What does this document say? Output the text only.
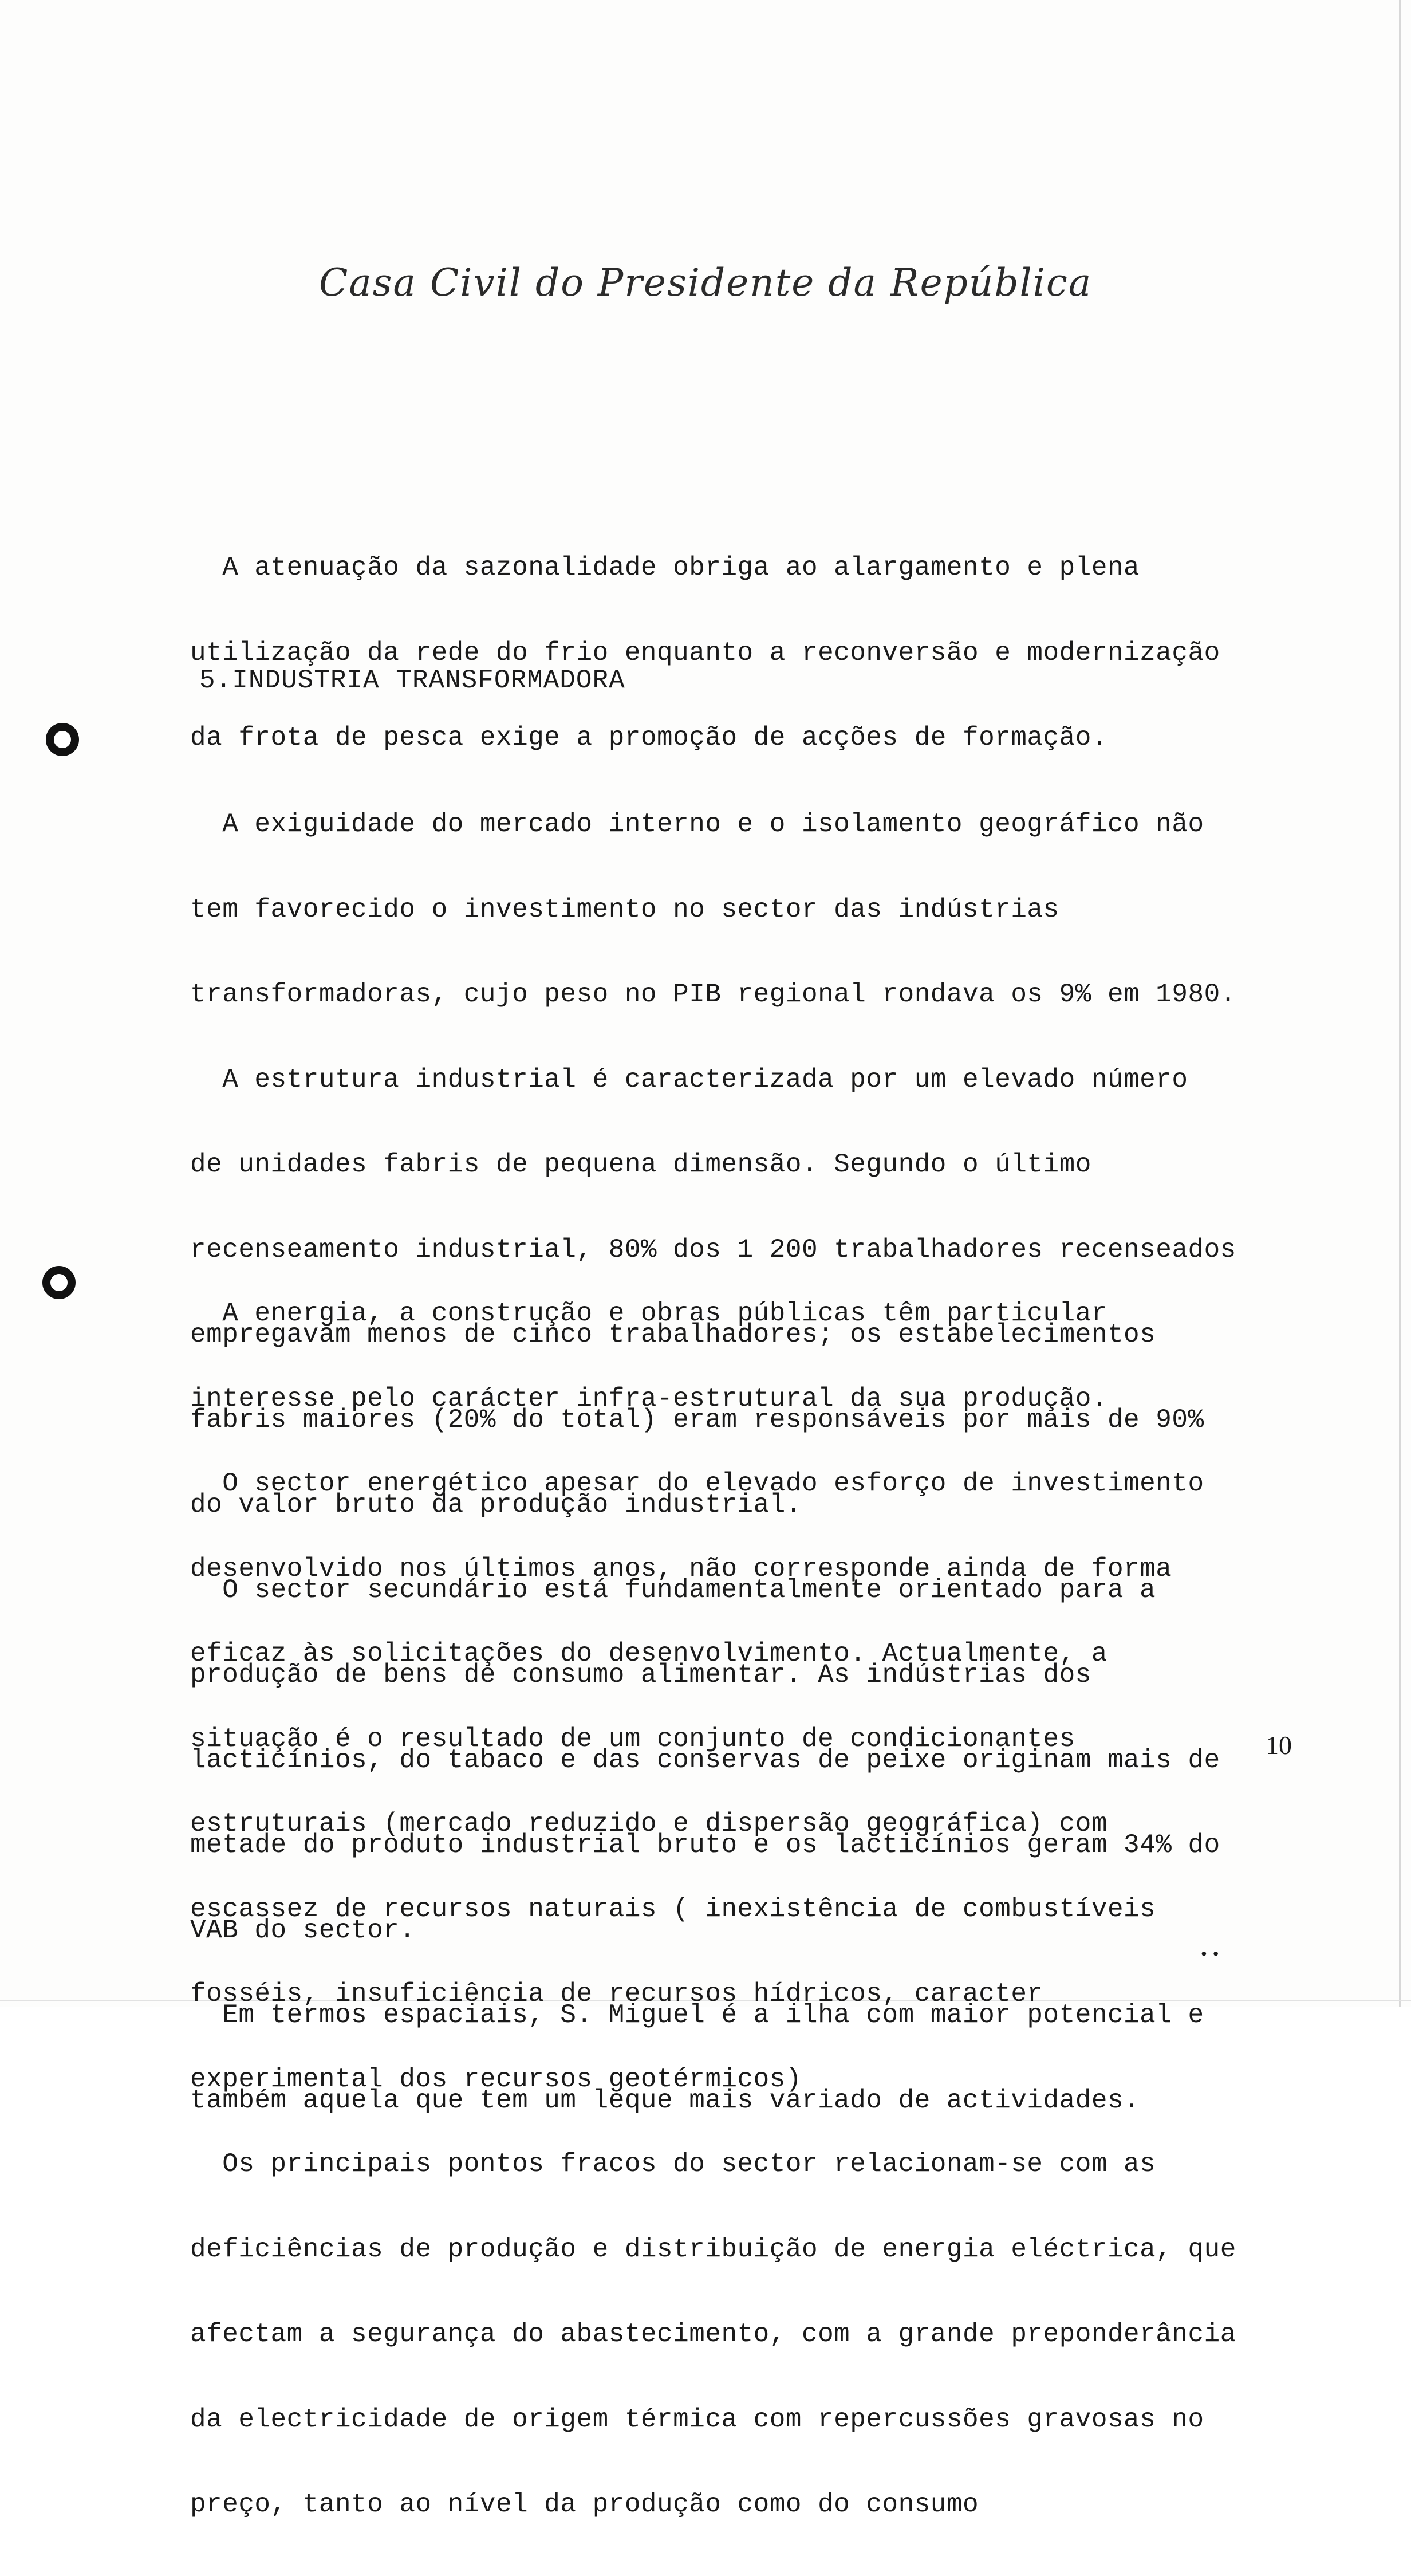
Casa Civil do Presidente da República

A atenuação da sazonalidade obriga ao alargamento e plena

utilização da rede do frio enquanto a reconversão e modernização

da frota de pesca exige a promoção de acções de formação.

5.INDUSTRIA TRANSFORMADORA

A exiguidade do mercado interno e o isolamento geográfico não

tem favorecido o investimento no sector das indústrias

transformadoras, cujo peso no PIB regional rondava os 9% em 1980.

A estrutura industrial é caracterizada por um elevado número

de unidades fabris de pequena dimensão. Segundo o último

recenseamento industrial, 80% dos 1 200 trabalhadores recenseados

empregavam menos de cinco trabalhadores; os estabelecimentos

fabris maiores (20% do total) eram responsáveis por mais de 90%

do valor bruto da produção industrial.

O sector secundário está fundamentalmente orientado para a

produção de bens de consumo alimentar. As indústrias dos

lacticínios, do tabaco e das conservas de peixe originam mais de

metade do produto industrial bruto e os lacticínios geram 34% do

VAB do sector.

Em termos espaciais, S. Miguel é a ilha com maior potencial e

também aquela que tem um leque mais variado de actividades.

A energia, a construção e obras públicas têm particular

interesse pelo carácter infra-estrutural da sua produção.

O sector energético apesar do elevado esforço de investimento

desenvolvido nos últimos anos, não corresponde ainda de forma

eficaz às solicitações do desenvolvimento. Actualmente, a

situação é o resultado de um conjunto de condicionantes

estruturais (mercado reduzido e dispersão geográfica) com

escassez de recursos naturais ( inexistência de combustíveis

fosséis, insuficiência de recursos hídricos, caracter

experimental dos recursos geotérmicos)

Os principais pontos fracos do sector relacionam-se com as

deficiências de produção e distribuição de energia eléctrica, que

afectam a segurança do abastecimento, com a grande preponderância

da electricidade de origem térmica com repercussões gravosas no

preço, tanto ao nível da produção como do consumo

10
••
